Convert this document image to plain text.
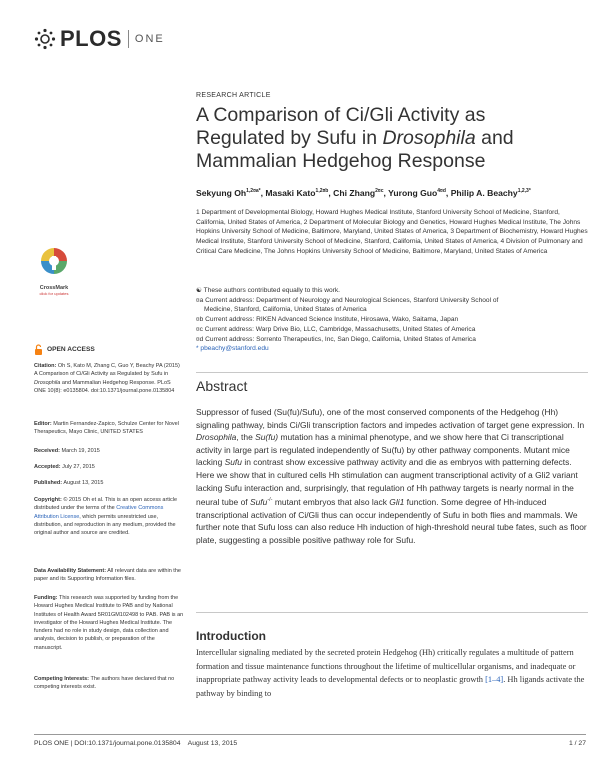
PLOS ONE
RESEARCH ARTICLE
A Comparison of Ci/Gli Activity as Regulated by Sufu in Drosophila and Mammalian Hedgehog Response
Sekyung $Oh^{1,2¤a*}$, Masaki Kato$^{1,2¤b}$, Chi Zhang$^{2¤c}$, Yurong Guo$^{4¤d}$, Philip A. Beachy$^{1,2,3*}$
1 Department of Developmental Biology, Howard Hughes Medical Institute, Stanford University School of Medicine, Stanford, California, United States of America, 2 Department of Molecular Biology and Genetics, Howard Hughes Medical Institute, The Johns Hopkins University School of Medicine, Baltimore, Maryland, United States of America, 3 Department of Biochemistry, Howard Hughes Medical Institute, Stanford University School of Medicine, Stanford, California, United States of America, 4 Division of Pulmonary and Critical Care Medicine, The Johns Hopkins University School of Medicine, Baltimore, Maryland, United States of America
☯ These authors contributed equally to this work.
¤a Current address: Department of Neurology and Neurological Sciences, Stanford University School of
Medicine, Stanford, California, United States of America
¤b Current address: RIKEN Advanced Science Institute, Hirosawa, Wako, Saitama, Japan
¤c Current address: Warp Drive Bio, LLC, Cambridge, Massachusetts, United States of America
¤d Current address: Sorrento Therapeutics, Inc, San Diego, California, United States of America
* pbeachy@stanford.edu
Abstract
Suppressor of fused (Su(fu)/Sufu), one of the most conserved components of the Hedgehog (Hh) signaling pathway, binds Ci/Gli transcription factors and impedes activation of target gene expression. In Drosophila, the Su(fu) mutation has a minimal phenotype, and we show here that Ci transcriptional activity in large part is regulated independently of Su(fu) by other pathway components. Mutant mice lacking Sufu in contrast show excessive pathway activity and die as embryos with patterning defects. Here we show that in cultured cells Hh stimulation can augment transcriptional activity of a Gli2 variant lacking Sufu interaction and, surprisingly, that regulation of Hh pathway targets is nearly normal in the neural tube of Sufu-/- mutant embryos that also lack Gli1 function. Some degree of Hh-induced transcriptional activation of Ci/Gli thus can occur independently of Sufu in both flies and mammals. We further note that Sufu loss can also reduce Hh induction of high-threshold neural tube fates, such as floor plate, suggesting a possible positive pathway role for Sufu.
Introduction
Intercellular signaling mediated by the secreted protein Hedgehog (Hh) critically regulates a multitude of pattern formation and tissue maintenance functions throughout the lifetime of multicellular organisms, and inadequate or inappropriate pathway activity leads to developmental defects or to neoplastic growth [1–4]. Hh ligands activate the pathway by binding to
CrossMark
click for updates
OPEN ACCESS
Citation: Oh S, Kato M, Zhang C, Guo Y, Beachy PA (2015) A Comparison of Ci/Gli Activity as Regulated by Sufu in Drosophila and Mammalian Hedgehog Response. PLoS ONE 10(8): e0135804. doi:10.1371/journal.pone.0135804
Editor: Martin Fernandez-Zapico, Schulze Center for Novel Therapeutics, Mayo Clinic, UNITED STATES
Received: March 19, 2015
Accepted: July 27, 2015
Published: August 13, 2015
Copyright: © 2015 Oh et al. This is an open access article distributed under the terms of the Creative Commons Attribution License, which permits unrestricted use, distribution, and reproduction in any medium, provided the original author and source are credited.
Data Availability Statement: All relevant data are within the paper and its Supporting Information files.
Funding: This research was supported by funding from the Howard Hughes Medical Institute to PAB and by National Institutes of Health Award 5R01GM102498 to PAB. PAB is an investigator of the Howard Hughes Medical Institute. The funders had no role in study design, data collection and analysis, decision to publish, or preparation of the manuscript.
Competing Interests: The authors have declared that no competing interests exist.
PLOS ONE | DOI:10.1371/journal.pone.0135804    August 13, 2015	1 / 27
